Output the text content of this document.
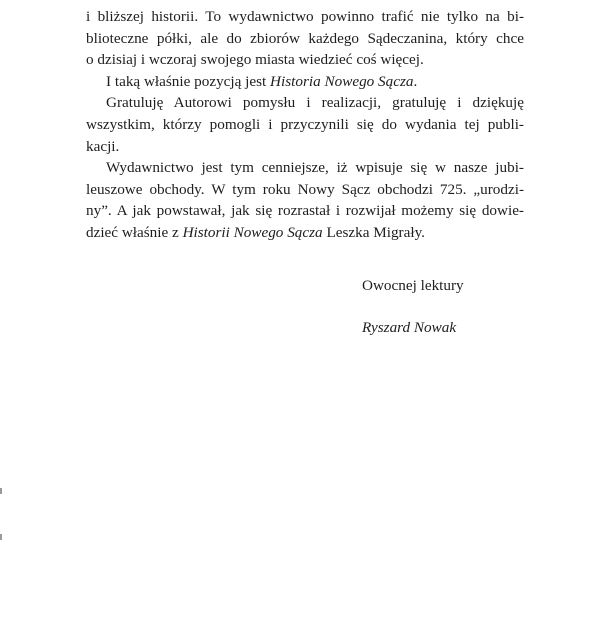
i bliższej historii. To wydawnictwo powinno trafić nie tylko na bi-
blioteczne półki, ale do zbiorów każdego Sądeczanina, który chce
o dzisiaj i wczoraj swojego miasta wiedzieć coś więcej.
I taką właśnie pozycją jest Historia Nowego Sącza.
Gratuluję Autorowi pomysłu i realizacji, gratuluję i dziękuję
wszystkim, którzy pomogli i przyczynili się do wydania tej publi-
kacji.
Wydawnictwo jest tym cenniejsze, iż wpisuje się w nasze jubi-
leuszowe obchody. W tym roku Nowy Sącz obchodzi 725. „urodzi-
ny”. A jak powstawał, jak się rozrastał i rozwijał możemy się dowie-
dzieć właśnie z Historii Nowego Sącza Leszka Migrały.
Owocnej lektury
Ryszard Nowak
